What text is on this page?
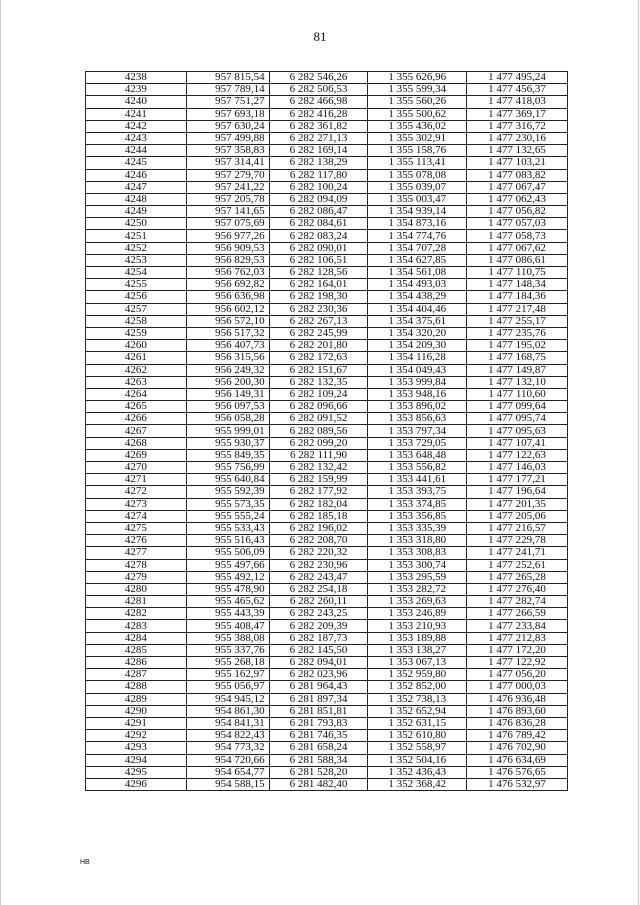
81
4238	957 815,54	6 282 546,26	1 355 626,96	1 477 495,24
4239	957 789,14	6 282 506,53	1 355 599,34	1 477 456,37
4240	957 751,27	6 282 466,98	1 355 560,26	1 477 418,03
4241	957 693,18	6 282 416,28	1 355 500,62	1 477 369,17
4242	957 630,24	6 282 361,82	1 355 436,02	1 477 316,72
4243	957 499,88	6 282 271,13	1 355 302,91	1 477 230,16
4244	957 358,83	6 282 169,14	1 355 158,76	1 477 132,65
4245	957 314,41	6 282 138,29	1 355 113,41	1 477 103,21
4246	957 279,70	6 282 117,80	1 355 078,08	1 477 083,82
4247	957 241,22	6 282 100,24	1 355 039,07	1 477 067,47
4248	957 205,78	6 282 094,09	1 355 003,47	1 477 062,43
4249	957 141,65	6 282 086,47	1 354 939,14	1 477 056,82
4250	957 075,69	6 282 084,61	1 354 873,16	1 477 057,03
4251	956 977,26	6 282 083,24	1 354 774,76	1 477 058,73
4252	956 909,53	6 282 090,01	1 354 707,28	1 477 067,62
4253	956 829,53	6 282 106,51	1 354 627,85	1 477 086,61
4254	956 762,03	6 282 128,56	1 354 561,08	1 477 110,75
4255	956 692,82	6 282 164,01	1 354 493,03	1 477 148,34
4256	956 636,98	6 282 198,30	1 354 438,29	1 477 184,36
4257	956 602,12	6 282 230,36	1 354 404,46	1 477 217,48
4258	956 572,10	6 282 267,13	1 354 375,61	1 477 255,17
4259	956 517,32	6 282 245,99	1 354 320,20	1 477 235,76
4260	956 407,73	6 282 201,80	1 354 209,30	1 477 195,02
4261	956 315,56	6 282 172,63	1 354 116,28	1 477 168,75
4262	956 249,32	6 282 151,67	1 354 049,43	1 477 149,87
4263	956 200,30	6 282 132,35	1 353 999,84	1 477 132,10
4264	956 149,31	6 282 109,24	1 353 948,16	1 477 110,60
4265	956 097,53	6 282 096,66	1 353 896,02	1 477 099,64
4266	956 058,28	6 282 091,52	1 353 856,63	1 477 095,74
4267	955 999,01	6 282 089,56	1 353 797,34	1 477 095,63
4268	955 930,37	6 282 099,20	1 353 729,05	1 477 107,41
4269	955 849,35	6 282 111,90	1 353 648,48	1 477 122,63
4270	955 756,99	6 282 132,42	1 353 556,82	1 477 146,03
4271	955 640,84	6 282 159,99	1 353 441,61	1 477 177,21
4272	955 592,39	6 282 177,92	1 353 393,75	1 477 196,64
4273	955 573,35	6 282 182,04	1 353 374,85	1 477 201,35
4274	955 555,24	6 282 185,18	1 353 356,85	1 477 205,06
4275	955 533,43	6 282 196,02	1 353 335,39	1 477 216,57
4276	955 516,43	6 282 208,70	1 353 318,80	1 477 229,78
4277	955 506,09	6 282 220,32	1 353 308,83	1 477 241,71
4278	955 497,66	6 282 230,96	1 353 300,74	1 477 252,61
4279	955 492,12	6 282 243,47	1 353 295,59	1 477 265,28
4280	955 478,90	6 282 254,18	1 353 282,72	1 477 276,40
4281	955 465,62	6 282 260,11	1 353 269,63	1 477 282,74
4282	955 443,39	6 282 243,25	1 353 246,89	1 477 266,59
4283	955 408,47	6 282 209,39	1 353 210,93	1 477 233,84
4284	955 388,08	6 282 187,73	1 353 189,88	1 477 212,83
4285	955 337,76	6 282 145,50	1 353 138,27	1 477 172,20
4286	955 268,18	6 282 094,01	1 353 067,13	1 477 122,92
4287	955 162,97	6 282 023,96	1 352 959,80	1 477 056,20
4288	955 056,97	6 281 964,43	1 352 852,00	1 477 000,03
4289	954 945,12	6 281 897,34	1 352 738,13	1 476 936,48
4290	954 861,30	6 281 851,81	1 352 652,94	1 476 893,60
4291	954 841,31	6 281 793,83	1 352 631,15	1 476 836,28
4292	954 822,43	6 281 746,35	1 352 610,80	1 476 789,42
4293	954 773,32	6 281 658,24	1 352 558,97	1 476 702,90
4294	954 720,66	6 281 588,34	1 352 504,16	1 476 634,69
4295	954 654,77	6 281 528,20	1 352 436,43	1 476 576,65
4296	954 588,15	6 281 482,40	1 352 368,42	1 476 532,97
HB
